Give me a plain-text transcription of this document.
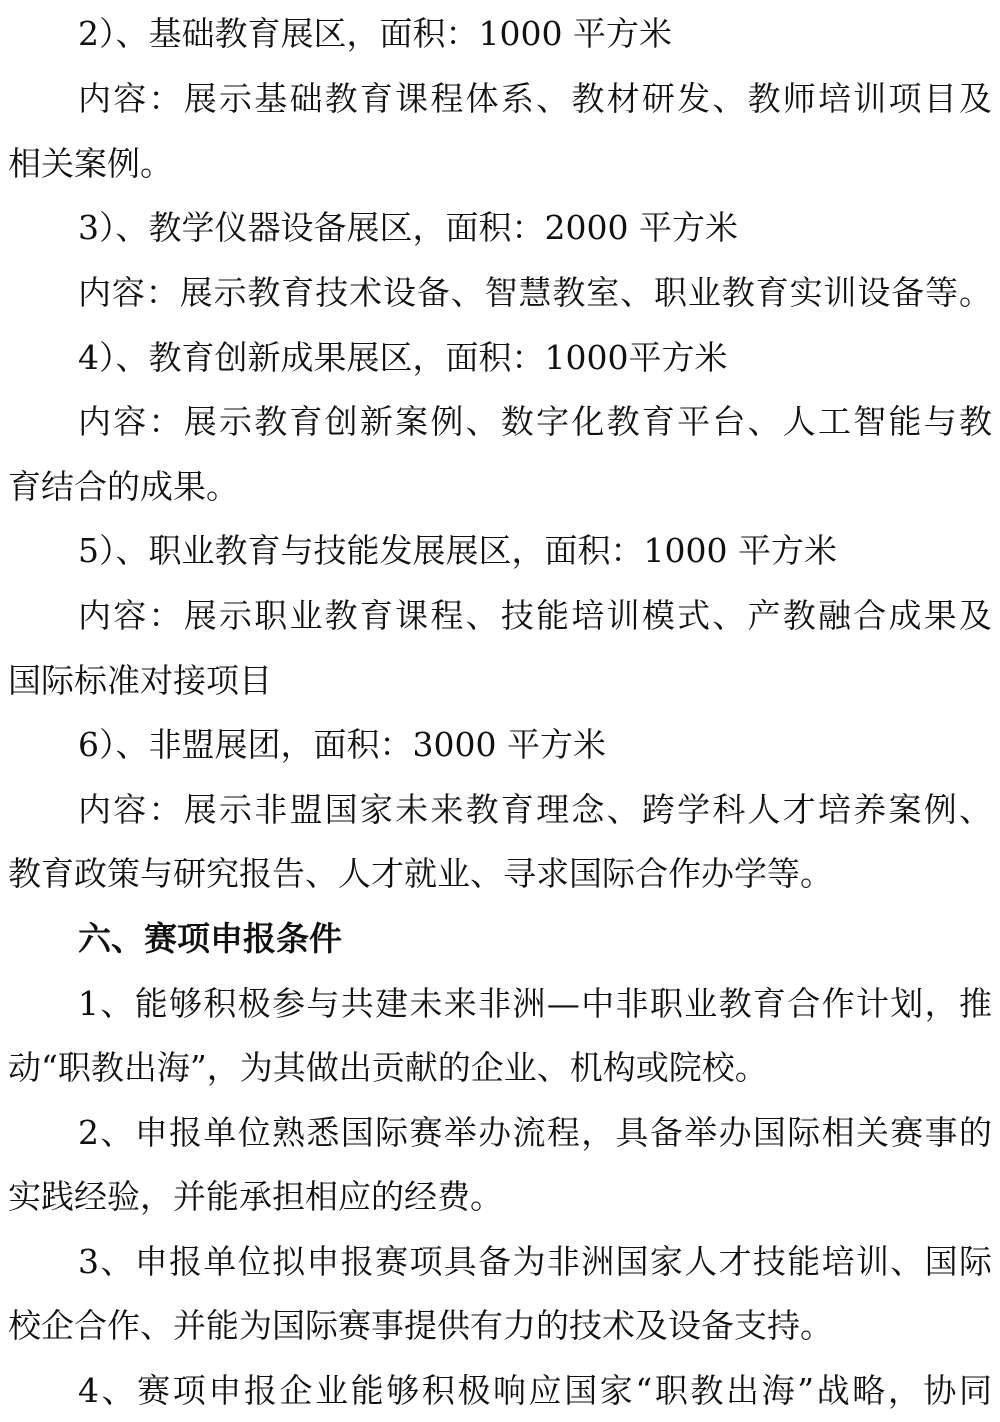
2）、基础教育展区，面积：1000 平方米
内容：展示基础教育课程体系、教材研发、教师培训项目及
相关案例。
3）、教学仪器设备展区，面积：2000 平方米
内容：展示教育技术设备、智慧教室、职业教育实训设备等。
4）、教育创新成果展区，面积：1000平方米
内容：展示教育创新案例、数字化教育平台、人工智能与教
育结合的成果。
5）、职业教育与技能发展展区，面积：1000 平方米
内容：展示职业教育课程、技能培训模式、产教融合成果及
国际标准对接项目
6）、非盟展团，面积：3000 平方米
内容：展示非盟国家未来教育理念、跨学科人才培养案例、
教育政策与研究报告、人才就业、寻求国际合作办学等。
六、赛项申报条件
1、能够积极参与共建未来非洲—中非职业教育合作计划，推
动“职教出海”，为其做出贡献的企业、机构或院校。
2、申报单位熟悉国际赛举办流程，具备举办国际相关赛事的
实践经验，并能承担相应的经费。
3、申报单位拟申报赛项具备为非洲国家人才技能培训、国际
校企合作、并能为国际赛事提供有力的技术及设备支持。
4、赛项申报企业能够积极响应国家“职教出海”战略，协同
